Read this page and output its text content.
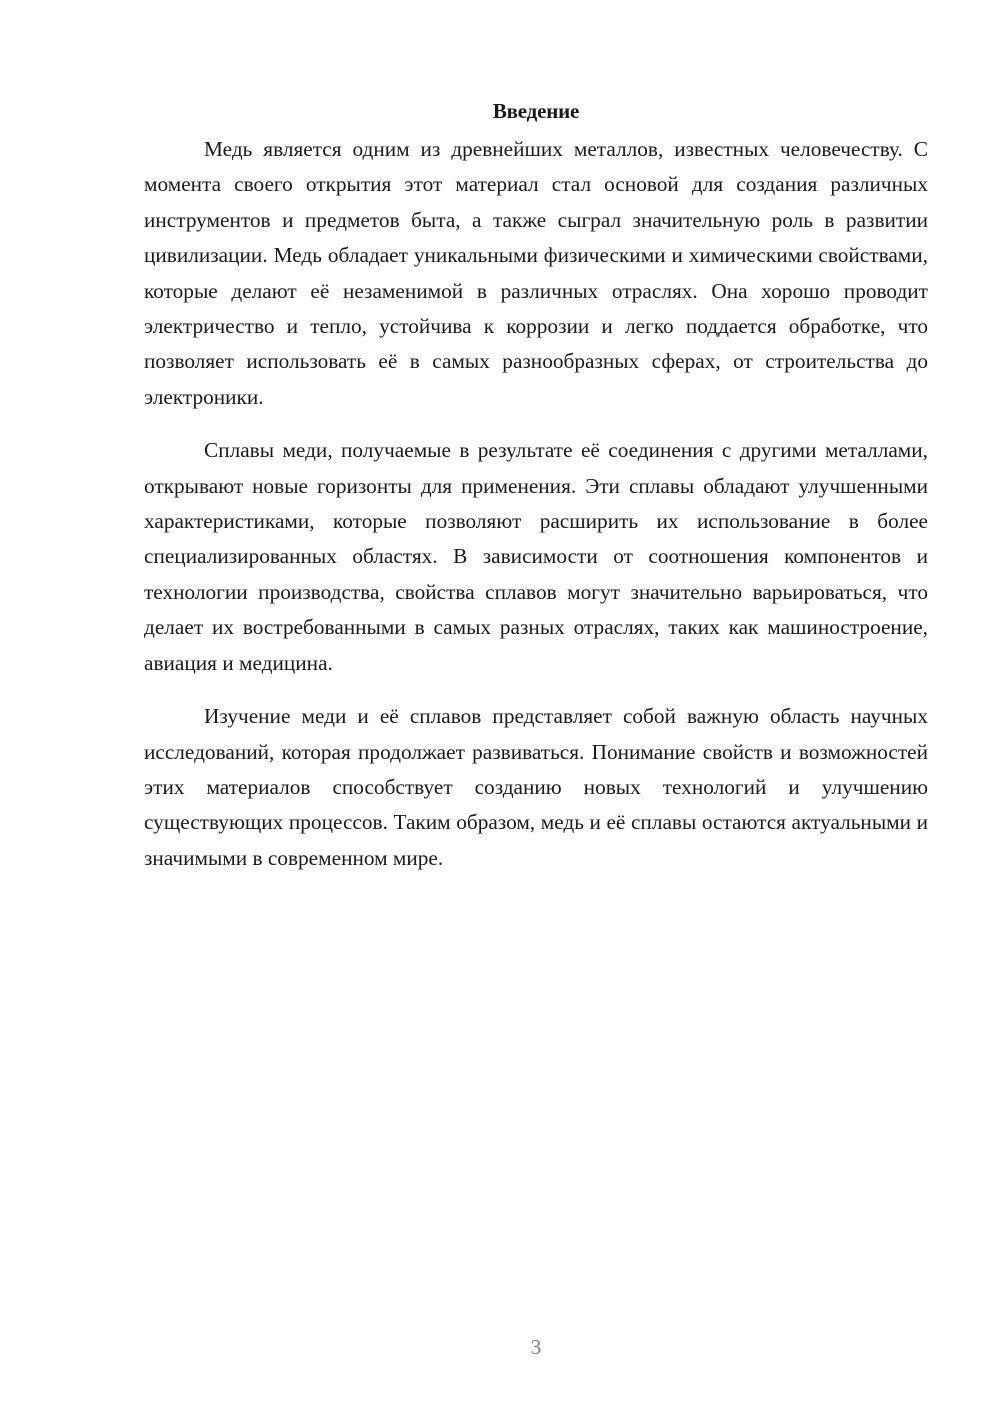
Введение

Медь является одним из древнейших металлов, известных человечеству. С момента своего открытия этот материал стал основой для создания различных инструментов и предметов быта, а также сыграл значительную роль в развитии цивилизации. Медь обладает уникальными физическими и химическими свойствами, которые делают её незаменимой в различных отраслях. Она хорошо проводит электричество и тепло, устойчива к коррозии и легко поддается обработке, что позволяет использовать её в самых разнообразных сферах, от строительства до электроники.

Сплавы меди, получаемые в результате её соединения с другими металлами, открывают новые горизонты для применения. Эти сплавы обладают улучшенными характеристиками, которые позволяют расширить их использование в более специализированных областях. В зависимости от соотношения компонентов и технологии производства, свойства сплавов могут значительно варьироваться, что делает их востребованными в самых разных отраслях, таких как машиностроение, авиация и медицина.

Изучение меди и её сплавов представляет собой важную область научных исследований, которая продолжает развиваться. Понимание свойств и возможностей этих материалов способствует созданию новых технологий и улучшению существующих процессов. Таким образом, медь и её сплавы остаются актуальными и значимыми в современном мире.

3
